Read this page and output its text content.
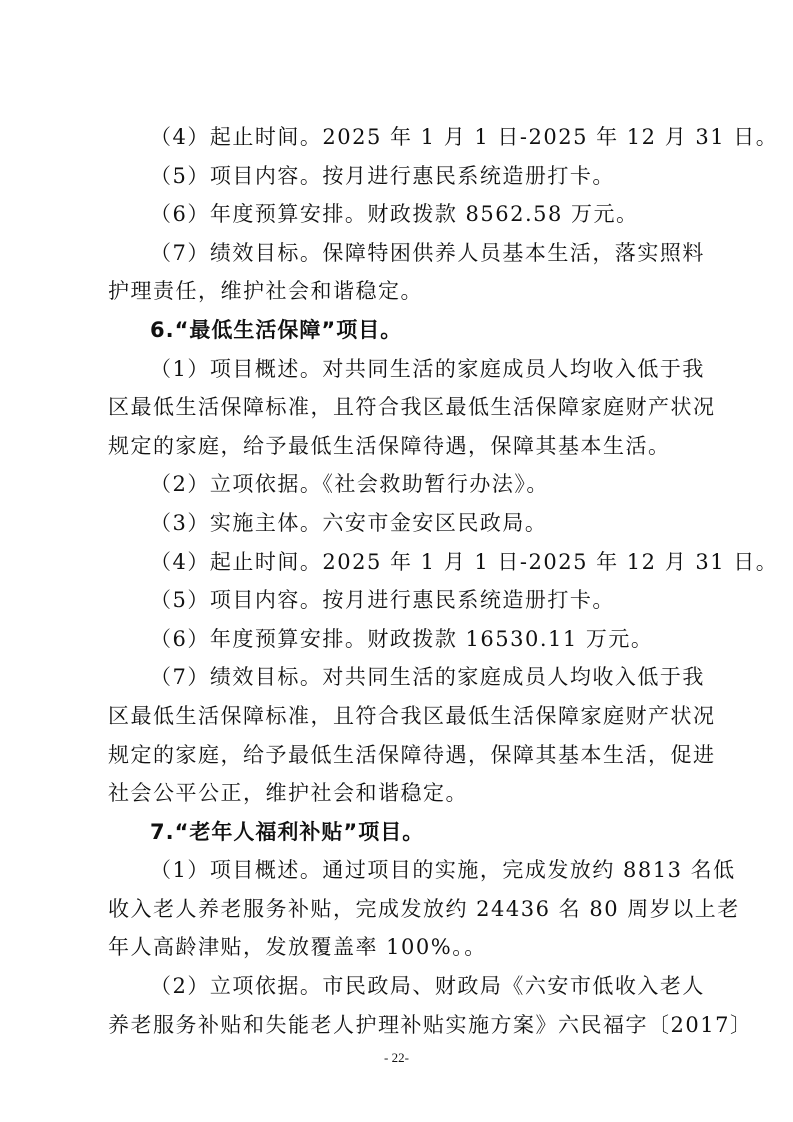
（4）起止时间。2025 年 1 月 1 日-2025 年 12 月 31 日。
（5）项目内容。按月进行惠民系统造册打卡。
（6）年度预算安排。财政拨款 8562.58 万元。
（7）绩效目标。保障特困供养人员基本生活，落实照料
护理责任，维护社会和谐稳定。
6.“最低生活保障”项目。
（1）项目概述。对共同生活的家庭成员人均收入低于我
区最低生活保障标准，且符合我区最低生活保障家庭财产状况
规定的家庭，给予最低生活保障待遇，保障其基本生活。
（2）立项依据。《社会救助暂行办法》。
（3）实施主体。六安市金安区民政局。
（4）起止时间。2025 年 1 月 1 日-2025 年 12 月 31 日。
（5）项目内容。按月进行惠民系统造册打卡。
（6）年度预算安排。财政拨款 16530.11 万元。
（7）绩效目标。对共同生活的家庭成员人均收入低于我
区最低生活保障标准，且符合我区最低生活保障家庭财产状况
规定的家庭，给予最低生活保障待遇，保障其基本生活，促进
社会公平公正，维护社会和谐稳定。
7.“老年人福利补贴”项目。
（1）项目概述。通过项目的实施，完成发放约 8813 名低
收入老人养老服务补贴，完成发放约 24436 名 80 周岁以上老
年人高龄津贴，发放覆盖率 100%。。
（2）立项依据。市民政局、财政局《六安市低收入老人
养老服务补贴和失能老人护理补贴实施方案》六民福字〔2017〕
- 22-
